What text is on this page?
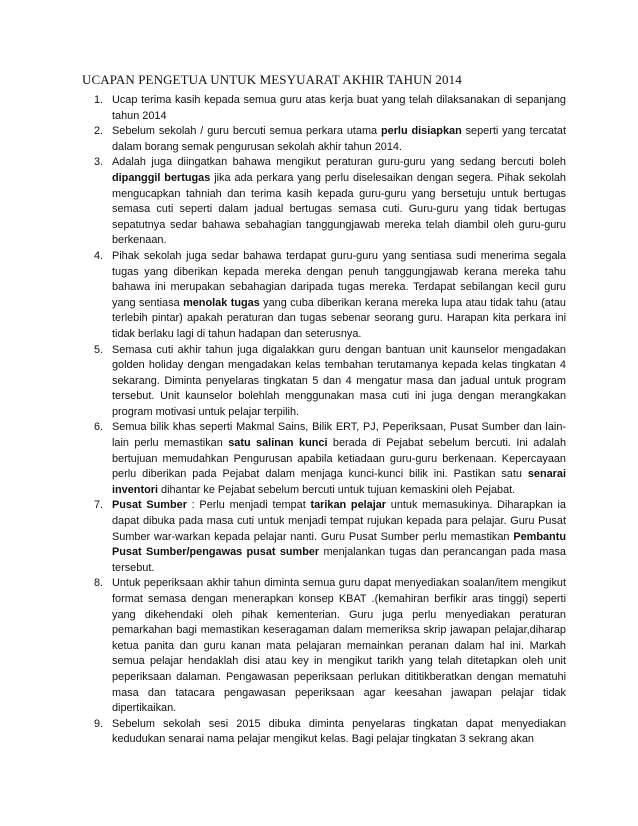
UCAPAN PENGETUA UNTUK MESYUARAT AKHIR TAHUN 2014
1. Ucap terima kasih kepada semua guru atas kerja buat yang telah dilaksanakan di sepanjang tahun 2014
2. Sebelum sekolah / guru bercuti semua perkara utama perlu disiapkan seperti yang tercatat dalam borang semak pengurusan sekolah akhir tahun 2014.
3. Adalah juga diingatkan bahawa mengikut peraturan guru-guru yang sedang bercuti boleh dipanggil bertugas jika ada perkara yang perlu diselesaikan dengan segera. Pihak sekolah mengucapkan tahniah dan terima kasih kepada guru-guru yang bersetuju untuk bertugas semasa cuti seperti dalam jadual bertugas semasa cuti. Guru-guru yang tidak bertugas sepatutnya sedar bahawa sebahagian tanggungjawab mereka telah diambil oleh guru-guru berkenaan.
4. Pihak sekolah juga sedar bahawa terdapat guru-guru yang sentiasa sudi menerima segala tugas yang diberikan kepada mereka dengan penuh tanggungjawab kerana mereka tahu bahawa ini merupakan sebahagian daripada tugas mereka. Terdapat sebilangan kecil guru yang sentiasa menolak tugas yang cuba diberikan kerana mereka lupa atau tidak tahu (atau terlebih pintar) apakah peraturan dan tugas sebenar seorang guru. Harapan kita perkara ini tidak berlaku lagi di tahun hadapan dan seterusnya.
5. Semasa cuti akhir tahun juga digalakkan guru dengan bantuan unit kaunselor mengadakan golden holiday dengan mengadakan kelas tembahan terutamanya kepada kelas tingkatan 4 sekarang. Diminta penyelaras tingkatan 5 dan 4 mengatur masa dan jadual untuk program tersebut. Unit kaunselor bolehlah menggunakan masa cuti ini juga dengan merangkakan program motivasi untuk pelajar terpilih.
6. Semua bilik khas seperti Makmal Sains, Bilik ERT, PJ, Peperiksaan, Pusat Sumber dan lain-lain perlu memastikan satu salinan kunci berada di Pejabat sebelum bercuti. Ini adalah bertujuan memudahkan Pengurusan apabila ketiadaan guru-guru berkenaan. Kepercayaan perlu diberikan pada Pejabat dalam menjaga kunci-kunci bilik ini. Pastikan satu senarai inventori dihantar ke Pejabat sebelum bercuti untuk tujuan kemaskini oleh Pejabat.
7. Pusat Sumber : Perlu menjadi tempat tarikan pelajar untuk memasukinya. Diharapkan ia dapat dibuka pada masa cuti untuk menjadi tempat rujukan kepada para pelajar. Guru Pusat Sumber war-warkan kepada pelajar nanti. Guru Pusat Sumber perlu memastikan Pembantu Pusat Sumber/pengawas pusat sumber menjalankan tugas dan perancangan pada masa tersebut.
8. Untuk peperiksaan akhir tahun diminta semua guru dapat menyediakan soalan/item mengikut format semasa dengan menerapkan konsep KBAT .(kemahiran berfikir aras tinggi) seperti yang dikehendaki oleh pihak kementerian. Guru juga perlu menyediakan peraturan pemarkahan bagi memastikan keseragaman dalam memeriksa skrip jawapan pelajar,diharap ketua panita dan guru kanan mata pelajaran memainkan peranan dalam hal ini. Markah semua pelajar hendaklah disi atau key in mengikut tarikh yang telah ditetapkan oleh unit peperiksaan dalaman. Pengawasan peperiksaan perlukan dititikberatkan dengan mematuhi masa dan tatacara pengawasan peperiksaan agar keesahan jawapan pelajar tidak dipertikaikan.
9. Sebelum sekolah sesi 2015 dibuka diminta penyelaras tingkatan dapat menyediakan kedudukan senarai nama pelajar mengikut kelas. Bagi pelajar tingkatan 3 sekrang akan
